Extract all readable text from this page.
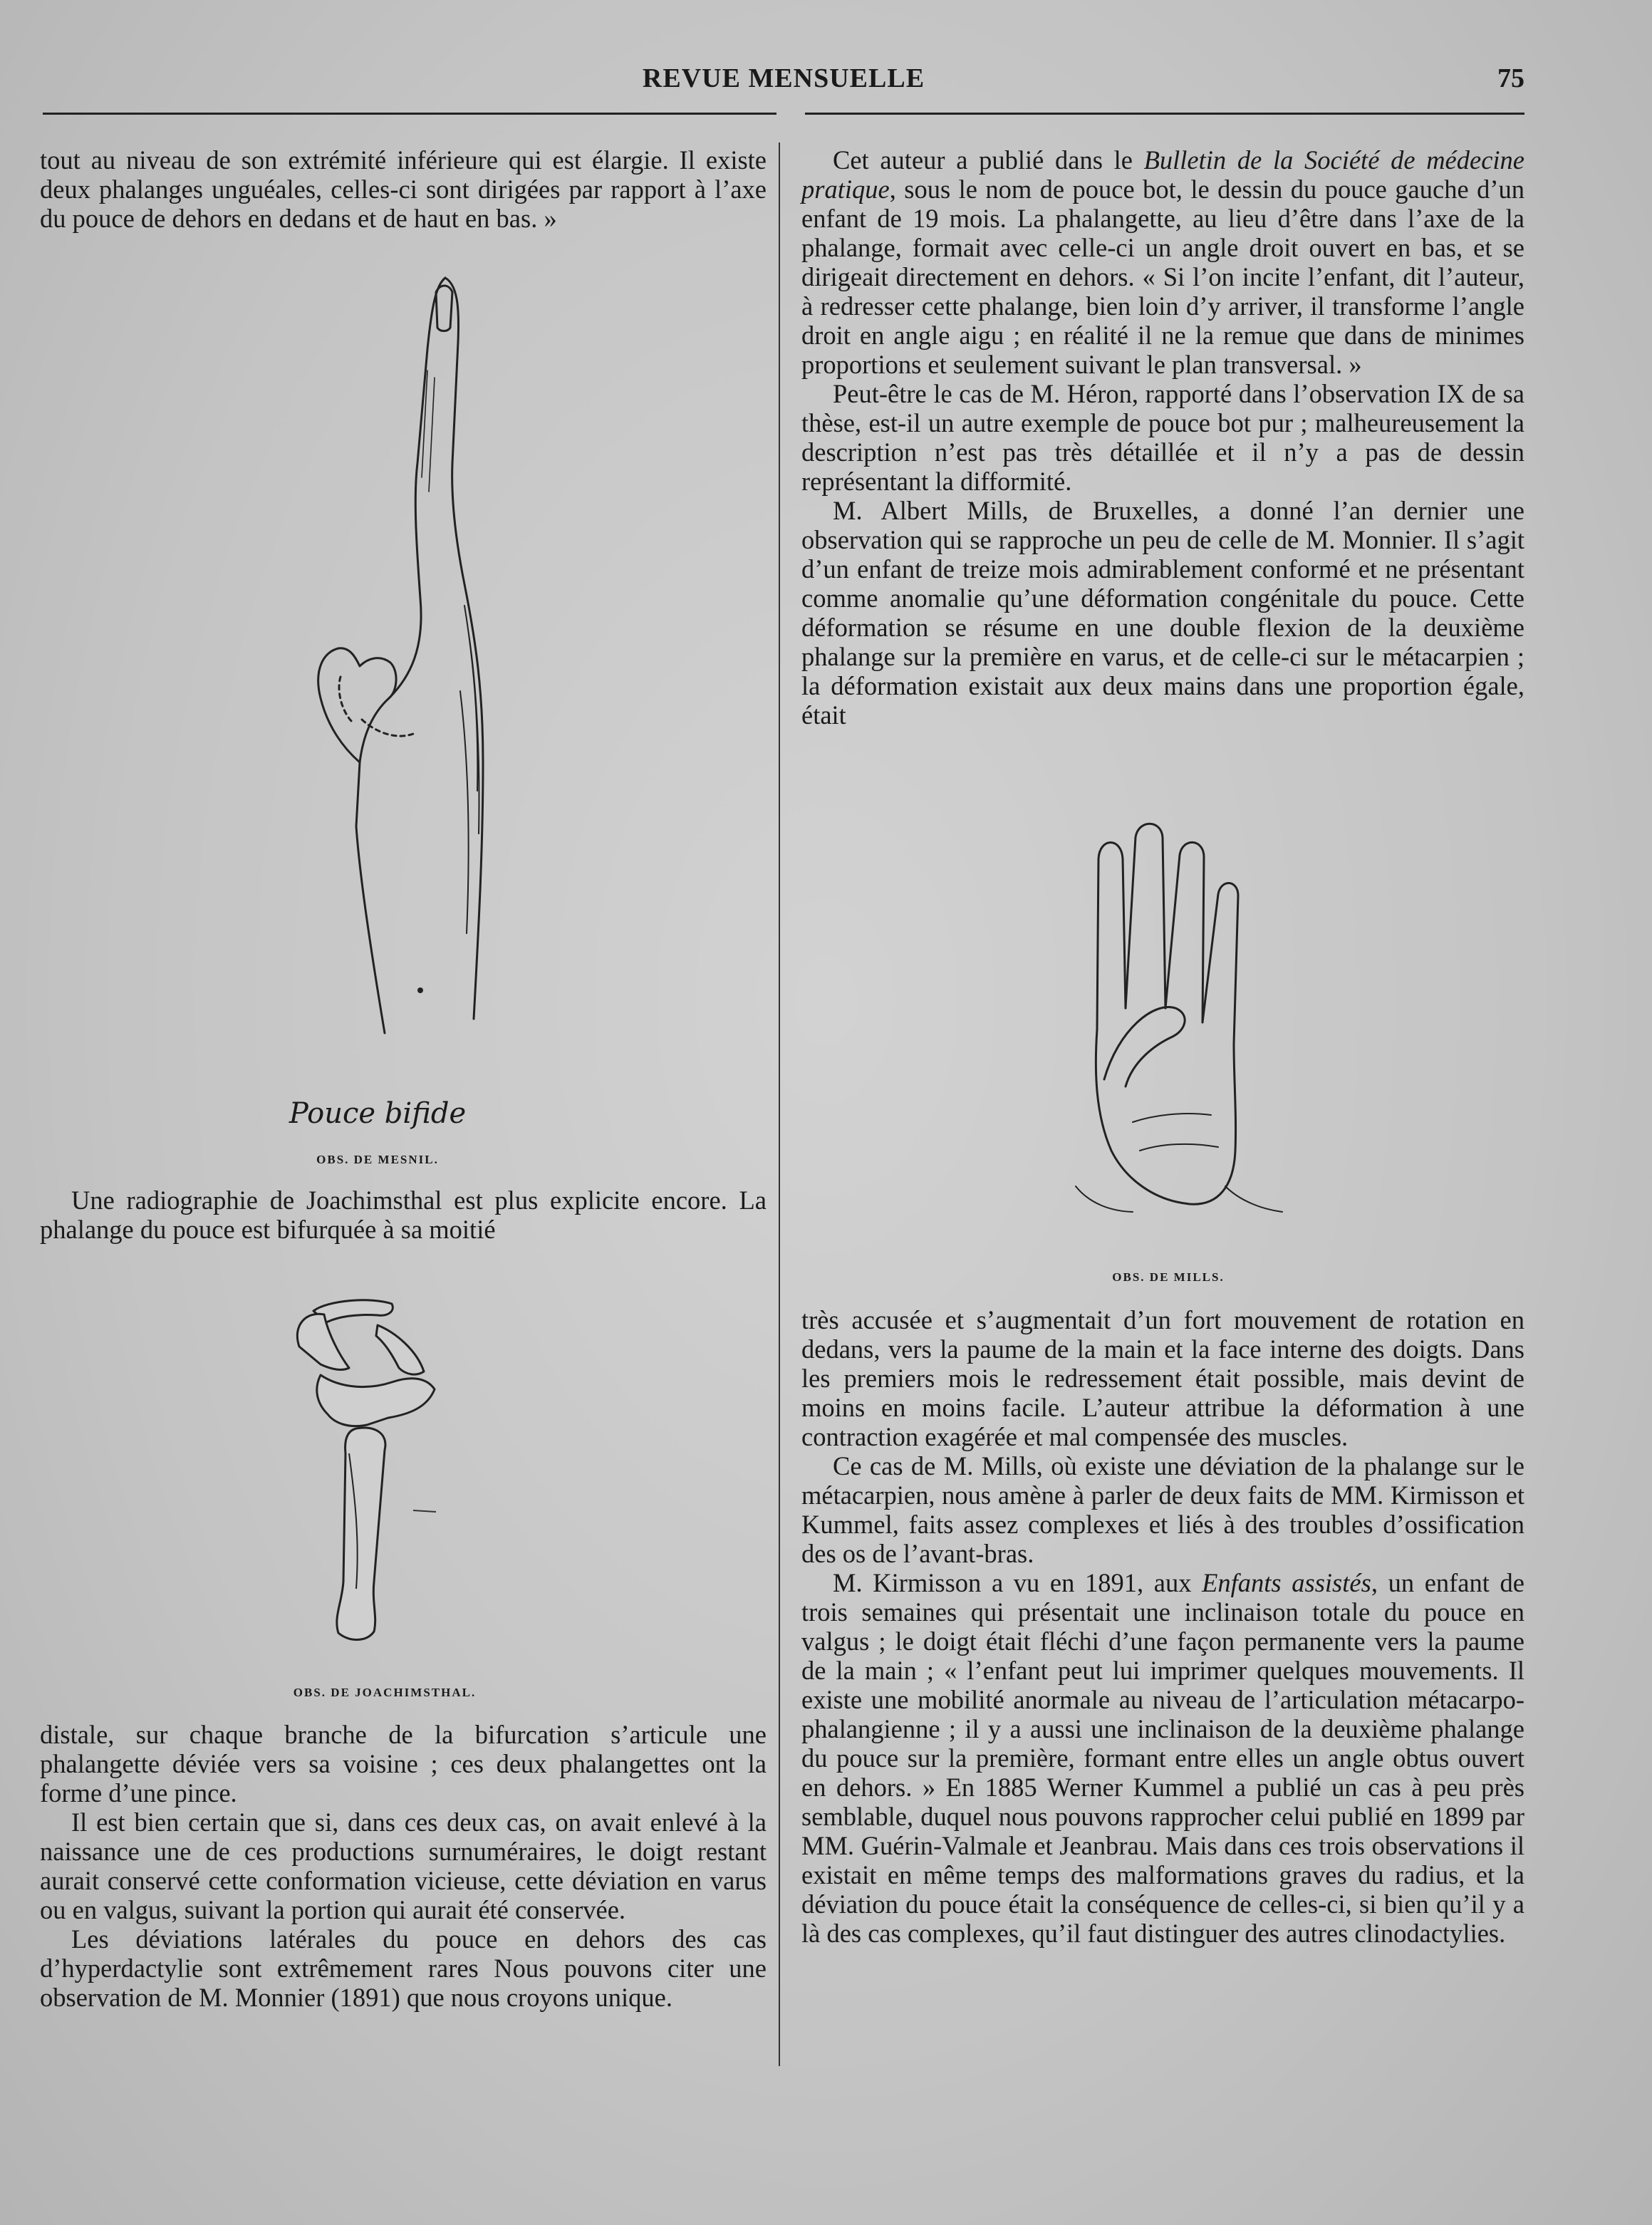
REVUE MENSUELLE	75

tout au niveau de son extrémité inférieure qui est élargie. Il existe deux phalanges unguéales, celles-ci sont dirigées par rapport à l’axe du pouce de dehors en dedans et de haut en bas. »

Pouce bifide
OBS. DE MESNIL.

Une radiographie de Joachimsthal est plus explicite encore. La phalange du pouce est bifurquée à sa moitié

OBS. DE JOACHIMSTHAL.

distale, sur chaque branche de la bifurcation s’articule une phalangette déviée vers sa voisine ; ces deux phalangettes ont la forme d’une pince.

Il est bien certain que si, dans ces deux cas, on avait enlevé à la naissance une de ces productions surnuméraires, le doigt restant aurait conservé cette conformation vicieuse, cette déviation en varus ou en valgus, suivant la portion qui aurait été conservée.

Les déviations latérales du pouce en dehors des cas d’hyperdactylie sont extrêmement rares Nous pouvons citer une observation de M. Monnier (1891) que nous croyons unique.

Cet auteur a publié dans le Bulletin de la Société de médecine pratique, sous le nom de pouce bot, le dessin du pouce gauche d’un enfant de 19 mois. La phalangette, au lieu d’être dans l’axe de la phalange, formait avec celle-ci un angle droit ouvert en bas, et se dirigeait directement en dehors. « Si l’on incite l’enfant, dit l’auteur, à redresser cette phalange, bien loin d’y arriver, il transforme l’angle droit en angle aigu ; en réalité il ne la remue que dans de minimes proportions et seulement suivant le plan transversal. »

Peut-être le cas de M. Héron, rapporté dans l’observation IX de sa thèse, est-il un autre exemple de pouce bot pur ; malheureusement la description n’est pas très détaillée et il n’y a pas de dessin représentant la difformité.

M. Albert Mills, de Bruxelles, a donné l’an dernier une observation qui se rapproche un peu de celle de M. Monnier. Il s’agit d’un enfant de treize mois admirablement conformé et ne présentant comme anomalie qu’une déformation congénitale du pouce. Cette déformation se résume en une double flexion de la deuxième phalange sur la première en varus, et de celle-ci sur le métacarpien ; la déformation existait aux deux mains dans une proportion égale, était

OBS. DE MILLS.

très accusée et s’augmentait d’un fort mouvement de rotation en dedans, vers la paume de la main et la face interne des doigts. Dans les premiers mois le redressement était possible, mais devint de moins en moins facile. L’auteur attribue la déformation à une contraction exagérée et mal compensée des muscles.

Ce cas de M. Mills, où existe une déviation de la phalange sur le métacarpien, nous amène à parler de deux faits de MM. Kirmisson et Kummel, faits assez complexes et liés à des troubles d’ossification des os de l’avant-bras.

M. Kirmisson a vu en 1891, aux Enfants assistés, un enfant de trois semaines qui présentait une inclinaison totale du pouce en valgus ; le doigt était fléchi d’une façon permanente vers la paume de la main ; « l’enfant peut lui imprimer quelques mouvements. Il existe une mobilité anormale au niveau de l’articulation métacarpo-phalangienne ; il y a aussi une inclinaison de la deuxième phalange du pouce sur la première, formant entre elles un angle obtus ouvert en dehors. » En 1885 Werner Kummel a publié un cas à peu près semblable, duquel nous pouvons rapprocher celui publié en 1899 par MM. Guérin-Valmale et Jeanbrau. Mais dans ces trois observations il existait en même temps des malformations graves du radius, et la déviation du pouce était la conséquence de celles-ci, si bien qu’il y a là des cas complexes, qu’il faut distinguer des autres clinodactylies.
